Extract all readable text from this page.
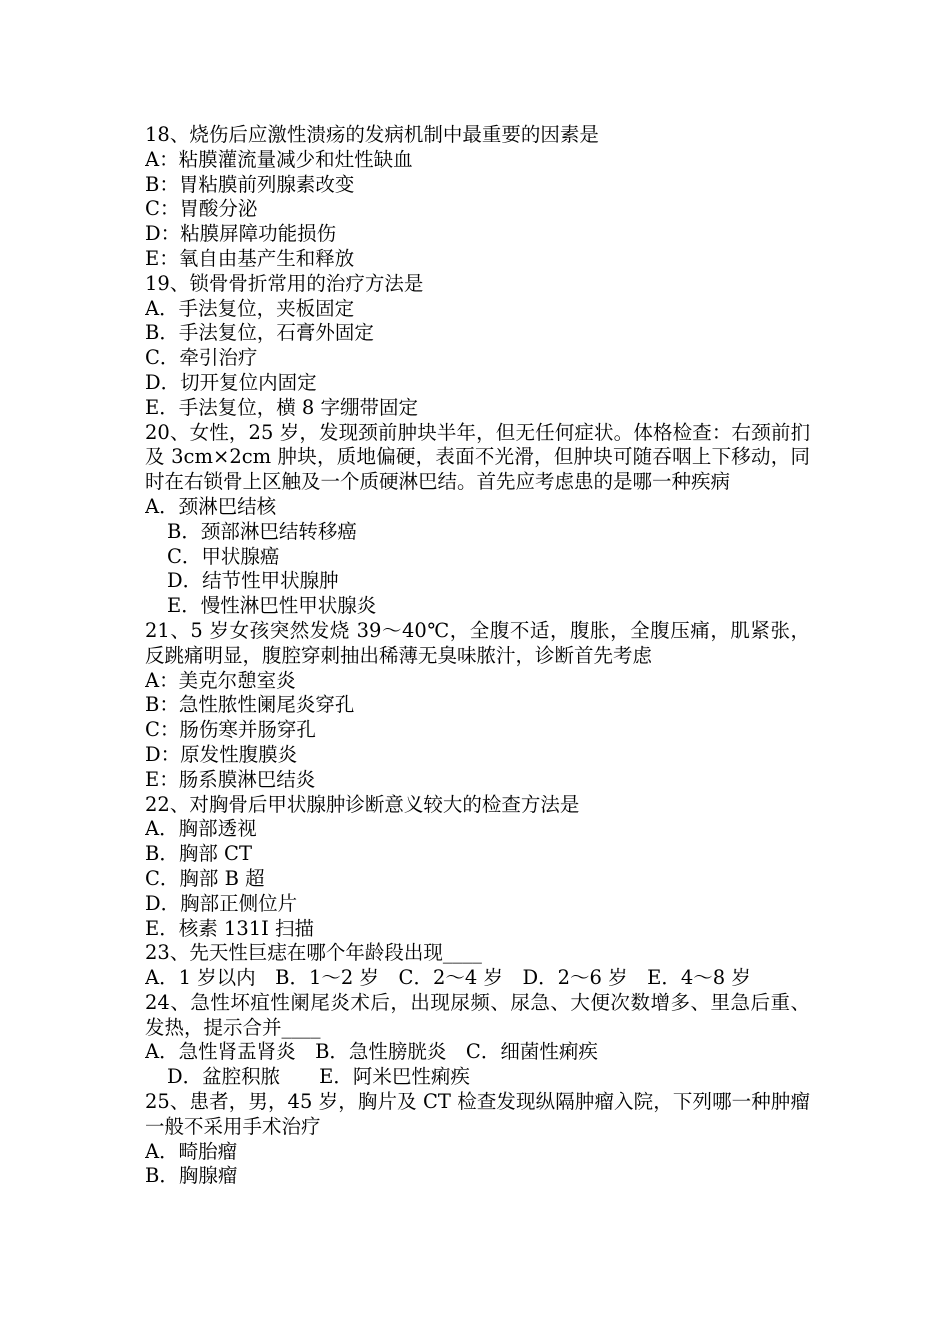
18、烧伤后应激性溃疡的发病机制中最重要的因素是
A：粘膜灌流量减少和灶性缺血
B：胃粘膜前列腺素改变
C：胃酸分泌
D：粘膜屏障功能损伤
E：氧自由基产生和释放
19、锁骨骨折常用的治疗方法是
A．手法复位，夹板固定
B．手法复位，石膏外固定
C．牵引治疗
D．切开复位内固定
E．手法复位，横 8 字绷带固定
20、女性，25 岁，发现颈前肿块半年，但无任何症状。体格检查：右颈前扪及 3cm×2cm 肿块，质地偏硬，表面不光滑，但肿块可随吞咽上下移动，同时在右锁骨上区触及一个质硬淋巴结。首先应考虑患的是哪一种疾病
A．颈淋巴结核
B．颈部淋巴结转移癌
C．甲状腺癌
D．结节性甲状腺肿
E．慢性淋巴性甲状腺炎
21、5 岁女孩突然发烧 39～40℃，全腹不适，腹胀，全腹压痛，肌紧张，反跳痛明显，腹腔穿刺抽出稀薄无臭味脓汁，诊断首先考虑
A：美克尔憩室炎
B：急性脓性阑尾炎穿孔
C：肠伤寒并肠穿孔
D：原发性腹膜炎
E：肠系膜淋巴结炎
22、对胸骨后甲状腺肿诊断意义较大的检查方法是
A．胸部透视
B．胸部 CT
C．胸部 B 超
D．胸部正侧位片
E．核素 131I 扫描
23、先天性巨痣在哪个年龄段出现____
A．1 岁以内　B．1～2 岁　C．2～4 岁　D．2～6 岁　E．4～8 岁
24、急性坏疽性阑尾炎术后，出现尿频、尿急、大便次数增多、里急后重、发热，提示合并____
A．急性肾盂肾炎　B．急性膀胱炎　C．细菌性痢疾
D．盆腔积脓　　E．阿米巴性痢疾
25、患者，男，45 岁，胸片及 CT 检查发现纵隔肿瘤入院，下列哪一种肿瘤一般不采用手术治疗
A．畸胎瘤
B．胸腺瘤
